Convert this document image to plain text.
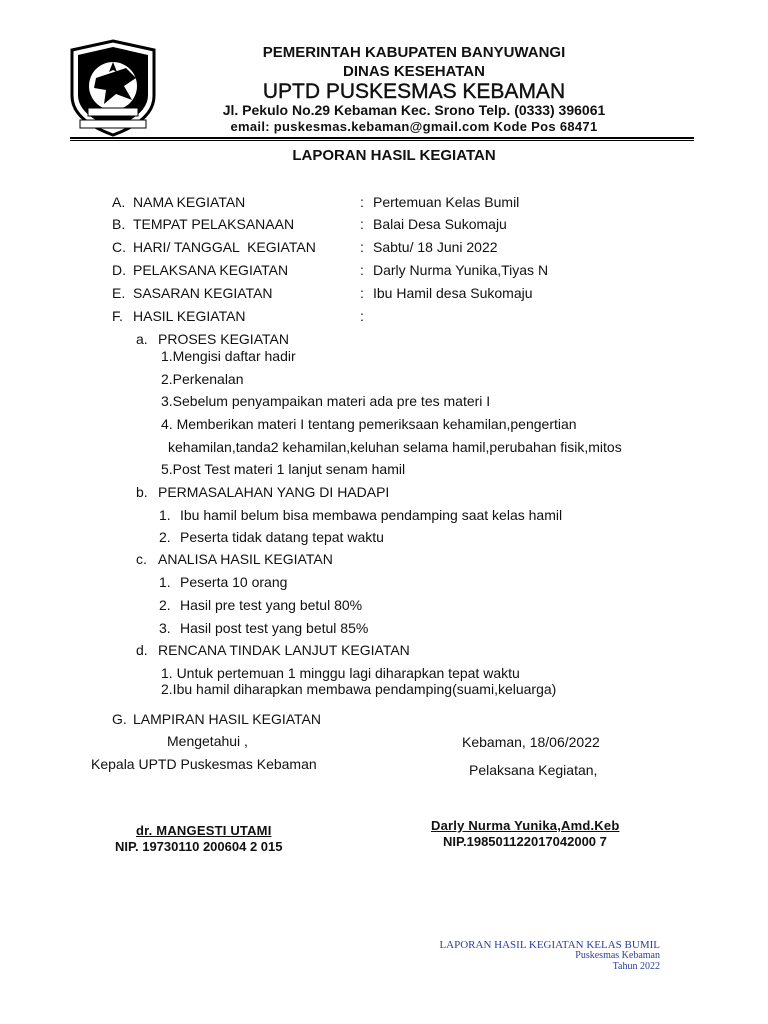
PEMERINTAH KABUPATEN BANYUWANGI
DINAS KESEHATAN
UPTD PUSKESMAS KEBAMAN
Jl. Pekulo No.29 Kebaman Kec. Srono Telp. (0333) 396061
email: puskesmas.kebaman@gmail.com Kode Pos 68471
LAPORAN HASIL KEGIATAN
A. NAMA KEGIATAN	: Pertemuan Kelas Bumil
B. TEMPAT PELAKSANAAN	: Balai Desa Sukomaju
C. HARI/ TANGGAL  KEGIATAN	: Sabtu/ 18 Juni 2022
D. PELAKSANA KEGIATAN	: Darly Nurma Yunika,Tiyas N
E. SASARAN KEGIATAN	: Ibu Hamil desa Sukomaju
F. HASIL KEGIATAN	:
a. PROSES KEGIATAN
1.Mengisi daftar hadir
2.Perkenalan
3.Sebelum penyampaikan materi ada pre tes materi I
4. Memberikan materi I tentang pemeriksaan kehamilan,pengertian
kehamilan,tanda2 kehamilan,keluhan selama hamil,perubahan fisik,mitos
5.Post Test materi 1 lanjut senam hamil
b. PERMASALAHAN YANG DI HADAPI
1. Ibu hamil belum bisa membawa pendamping saat kelas hamil
2. Peserta tidak datang tepat waktu
c. ANALISA HASIL KEGIATAN
1. Peserta 10 orang
2. Hasil pre test yang betul 80%
3. Hasil post test yang betul 85%
d. RENCANA TINDAK LANJUT KEGIATAN
1. Untuk pertemuan 1 minggu lagi diharapkan tepat waktu
2.Ibu hamil diharapkan membawa pendamping(suami,keluarga)
G. LAMPIRAN HASIL KEGIATAN
Mengetahui ,
Kepala UPTD Puskesmas Kebaman
dr. MANGESTI UTAMI
NIP. 19730110 200604 2 015
Kebaman, 18/06/2022
Pelaksana Kegiatan,
Darly Nurma Yunika,Amd.Keb
NIP.198501122017042000 7
LAPORAN HASIL KEGIATAN KELAS BUMIL
Puskesmas Kebaman
Tahun 2022
